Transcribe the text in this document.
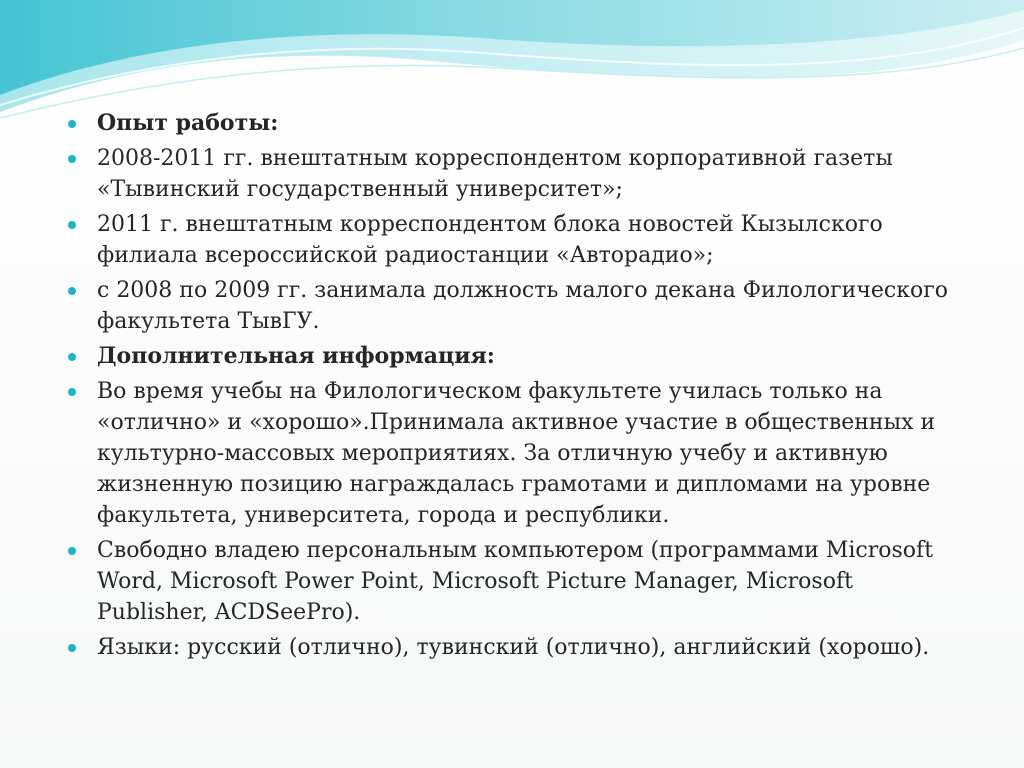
Опыт работы:
2008-2011 гг. внештатным корреспондентом корпоративной газеты «Тывинский государственный университет»;
2011 г. внештатным корреспондентом блока новостей Кызылского филиала всероссийской радиостанции «Авторадио»;
с 2008 по 2009 гг. занимала должность малого декана Филологического факультета ТывГУ.
Дополнительная информация:
Во время учебы на Филологическом факультете училась только на «отлично» и «хорошо».Принимала активное участие в общественных и культурно-массовых мероприятиях. За отличную учебу и активную жизненную позицию награждалась грамотами и дипломами на уровне факультета, университета, города и республики.
Свободно владею персональным компьютером (программами Microsoft Word, Microsoft Power Point, Microsoft Picture Manager, Microsoft Publisher, ACDSeePro).
Языки: русский (отлично), тувинский (отлично), английский (хорошо).
